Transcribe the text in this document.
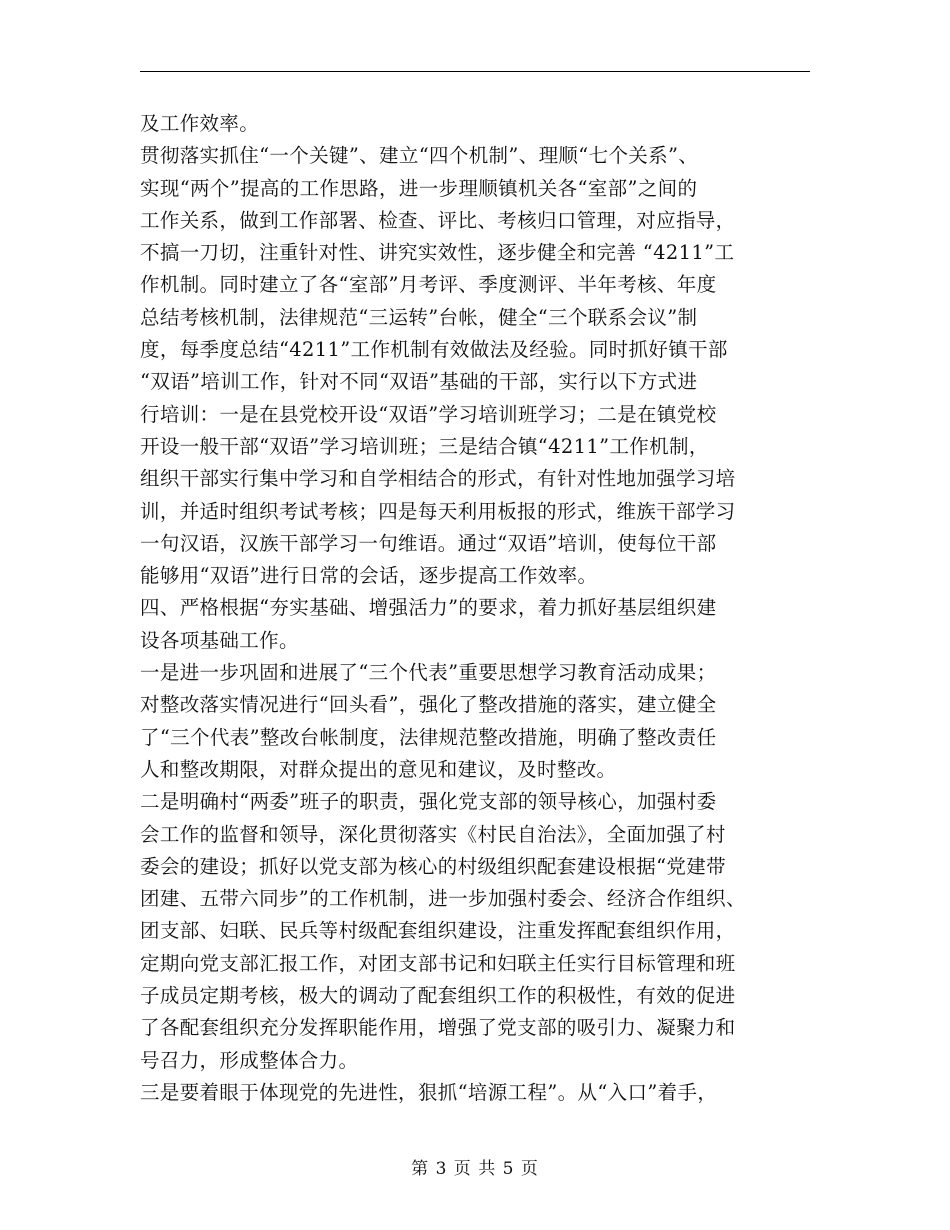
及工作效率。
贯彻落实抓住“一个关键”、建立“四个机制”、理顺“七个关系”、
实现“两个”提高的工作思路，进一步理顺镇机关各“室部”之间的
工作关系，做到工作部署、检查、评比、考核归口管理，对应指导，
不搞一刀切，注重针对性、讲究实效性，逐步健全和完善 “4211”工
作机制。同时建立了各“室部”月考评、季度测评、半年考核、年度
总结考核机制，法律规范“三运转”台帐，健全“三个联系会议”制
度，每季度总结“4211”工作机制有效做法及经验。同时抓好镇干部
“双语”培训工作，针对不同“双语”基础的干部，实行以下方式进
行培训：一是在县党校开设“双语”学习培训班学习；二是在镇党校
开设一般干部“双语”学习培训班；三是结合镇“4211”工作机制，
组织干部实行集中学习和自学相结合的形式，有针对性地加强学习培
训，并适时组织考试考核；四是每天利用板报的形式，维族干部学习
一句汉语，汉族干部学习一句维语。通过“双语”培训，使每位干部
能够用“双语”进行日常的会话，逐步提高工作效率。
四、严格根据“夯实基础、增强活力”的要求，着力抓好基层组织建
设各项基础工作。
一是进一步巩固和进展了“三个代表”重要思想学习教育活动成果；
对整改落实情况进行“回头看”，强化了整改措施的落实，建立健全
了“三个代表”整改台帐制度，法律规范整改措施，明确了整改责任
人和整改期限，对群众提出的意见和建议，及时整改。
二是明确村“两委”班子的职责，强化党支部的领导核心，加强村委
会工作的监督和领导，深化贯彻落实《村民自治法》，全面加强了村
委会的建设；抓好以党支部为核心的村级组织配套建设根据“党建带
团建、五带六同步”的工作机制，进一步加强村委会、经济合作组织、
团支部、妇联、民兵等村级配套组织建设，注重发挥配套组织作用，
定期向党支部汇报工作，对团支部书记和妇联主任实行目标管理和班
子成员定期考核，极大的调动了配套组织工作的积极性，有效的促进
了各配套组织充分发挥职能作用，增强了党支部的吸引力、凝聚力和
号召力，形成整体合力。
三是要着眼于体现党的先进性，狠抓“培源工程”。从“入口”着手，
第 3 页 共 5 页
